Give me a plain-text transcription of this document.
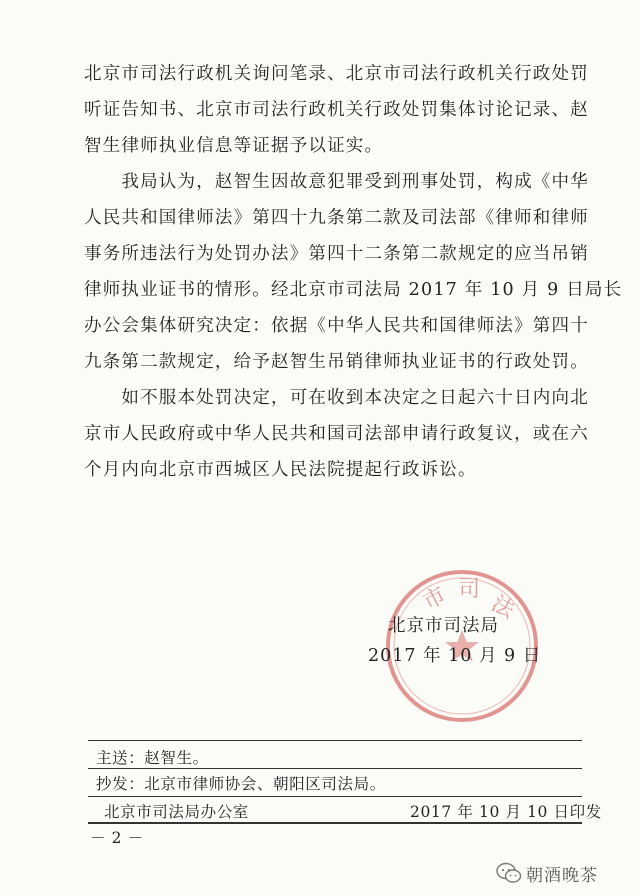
北京市司法行政机关询问笔录、北京市司法行政机关行政处罚
听证告知书、北京市司法行政机关行政处罚集体讨论记录、赵
智生律师执业信息等证据予以证实。
　　我局认为，赵智生因故意犯罪受到刑事处罚，构成《中华
人民共和国律师法》第四十九条第二款及司法部《律师和律师
事务所违法行为处罚办法》第四十二条第二款规定的应当吊销
律师执业证书的情形。经北京市司法局 2017 年 10 月 9 日局长
办公会集体研究决定：依据《中华人民共和国律师法》第四十
九条第二款规定，给予赵智生吊销律师执业证书的行政处罚。
　　如不服本处罚决定，可在收到本决定之日起六十日内向北
京市人民政府或中华人民共和国司法部申请行政复议，或在六
个月内向北京市西城区人民法院提起行政诉讼。
市 司
法
北京市司法局
2017 年 10 月 9 日
主送：赵智生。
抄发：北京市律师协会、朝阳区司法局。
北京市司法局办公室	2017 年 10 月 10 日印发
－ 2 －
朝酒晚茶
